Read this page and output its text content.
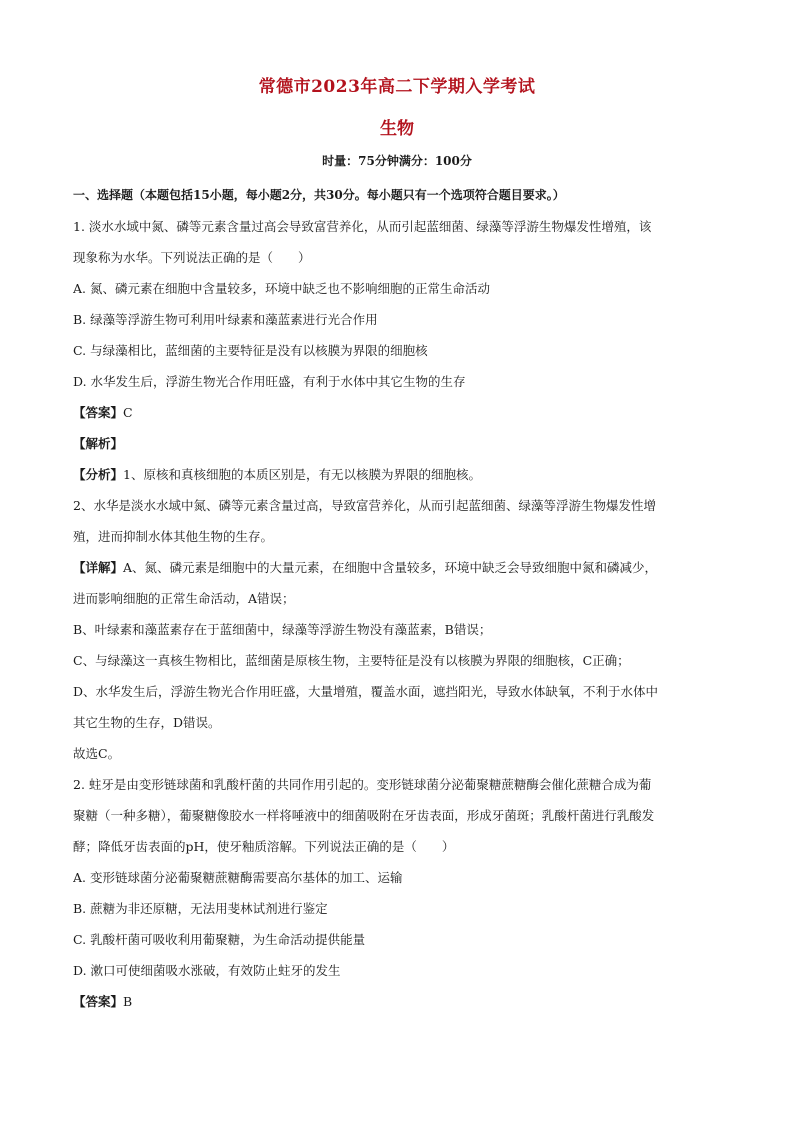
常德市2023年高二下学期入学考试
生物
时量：75分钟满分：100分
一、选择题（本题包括15小题，每小题2分，共30分。每小题只有一个选项符合题目要求。）
1. 淡水水域中氮、磷等元素含量过高会导致富营养化，从而引起蓝细菌、绿藻等浮游生物爆发性增殖，该
现象称为水华。下列说法正确的是（　　）
A. 氮、磷元素在细胞中含量较多，环境中缺乏也不影响细胞的正常生命活动
B. 绿藻等浮游生物可利用叶绿素和藻蓝素进行光合作用
C. 与绿藻相比，蓝细菌的主要特征是没有以核膜为界限的细胞核
D. 水华发生后，浮游生物光合作用旺盛，有利于水体中其它生物的生存
【答案】C
【解析】
【分析】1、原核和真核细胞的本质区别是，有无以核膜为界限的细胞核。
2、水华是淡水水域中氮、磷等元素含量过高，导致富营养化，从而引起蓝细菌、绿藻等浮游生物爆发性增
殖，进而抑制水体其他生物的生存。
【详解】A、氮、磷元素是细胞中的大量元素，在细胞中含量较多，环境中缺乏会导致细胞中氮和磷减少，
进而影响细胞的正常生命活动，A错误；
B、叶绿素和藻蓝素存在于蓝细菌中，绿藻等浮游生物没有藻蓝素，B错误；
C、与绿藻这一真核生物相比，蓝细菌是原核生物，主要特征是没有以核膜为界限的细胞核，C正确；
D、水华发生后，浮游生物光合作用旺盛，大量增殖，覆盖水面，遮挡阳光，导致水体缺氧，不利于水体中
其它生物的生存，D错误。
故选C。
2. 蛀牙是由变形链球菌和乳酸杆菌的共同作用引起的。变形链球菌分泌葡聚糖蔗糖酶会催化蔗糖合成为葡
聚糖（一种多糖），葡聚糖像胶水一样将唾液中的细菌吸附在牙齿表面，形成牙菌斑；乳酸杆菌进行乳酸发
酵；降低牙齿表面的pH，使牙釉质溶解。下列说法正确的是（　　）
A. 变形链球菌分泌葡聚糖蔗糖酶需要高尔基体的加工、运输
B. 蔗糖为非还原糖，无法用斐林试剂进行鉴定
C. 乳酸杆菌可吸收利用葡聚糖，为生命活动提供能量
D. 漱口可使细菌吸水涨破，有效防止蛀牙的发生
【答案】B
